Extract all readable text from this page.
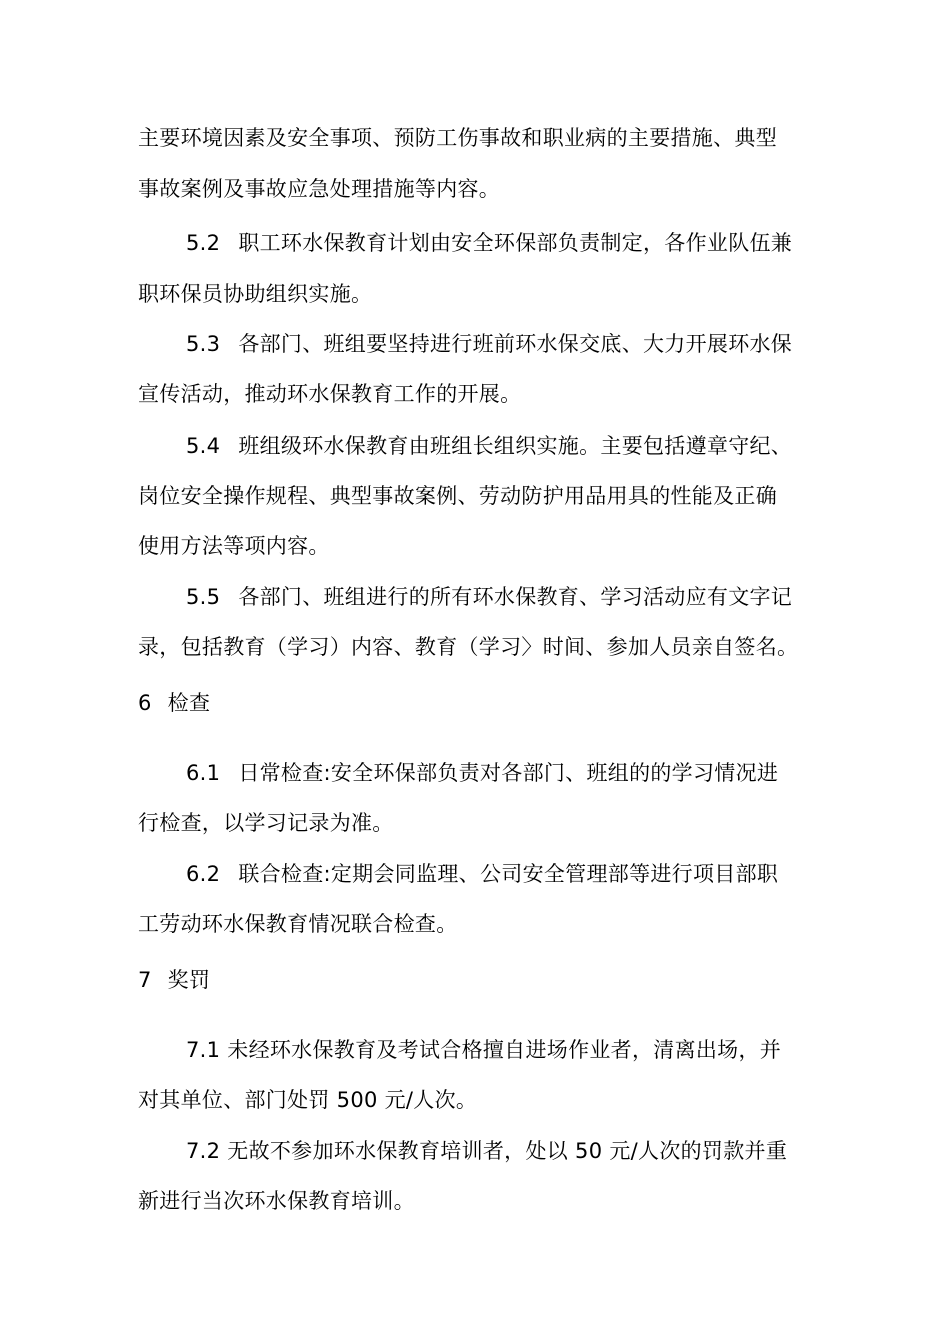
主要环境因素及安全事项、预防工伤事故和职业病的主要措施、典型
事故案例及事故应急处理措施等内容。
5.2 职工环水保教育计划由安全环保部负责制定，各作业队伍兼
职环保员协助组织实施。
5.3 各部门、班组要坚持进行班前环水保交底、大力开展环水保
宣传活动，推动环水保教育工作的开展。
5.4 班组级环水保教育由班组长组织实施。主要包括遵章守纪、
岗位安全操作规程、典型事故案例、劳动防护用品用具的性能及正确
使用方法等项内容。
5.5 各部门、班组进行的所有环水保教育、学习活动应有文字记
录，包括教育（学习）内容、教育（学习〉时间、参加人员亲自签名。
6 检查
6.1 日常检查:安全环保部负责对各部门、班组的的学习情况进
行检查，以学习记录为准。
6.2 联合检查:定期会同监理、公司安全管理部等进行项目部职
工劳动环水保教育情况联合检查。
7 奖罚
7.1 未经环水保教育及考试合格擅自进场作业者，清离出场，并
对其单位、部门处罚 500 元/人次。
7.2 无故不参加环水保教育培训者，处以 50 元/人次的罚款并重
新进行当次环水保教育培训。
